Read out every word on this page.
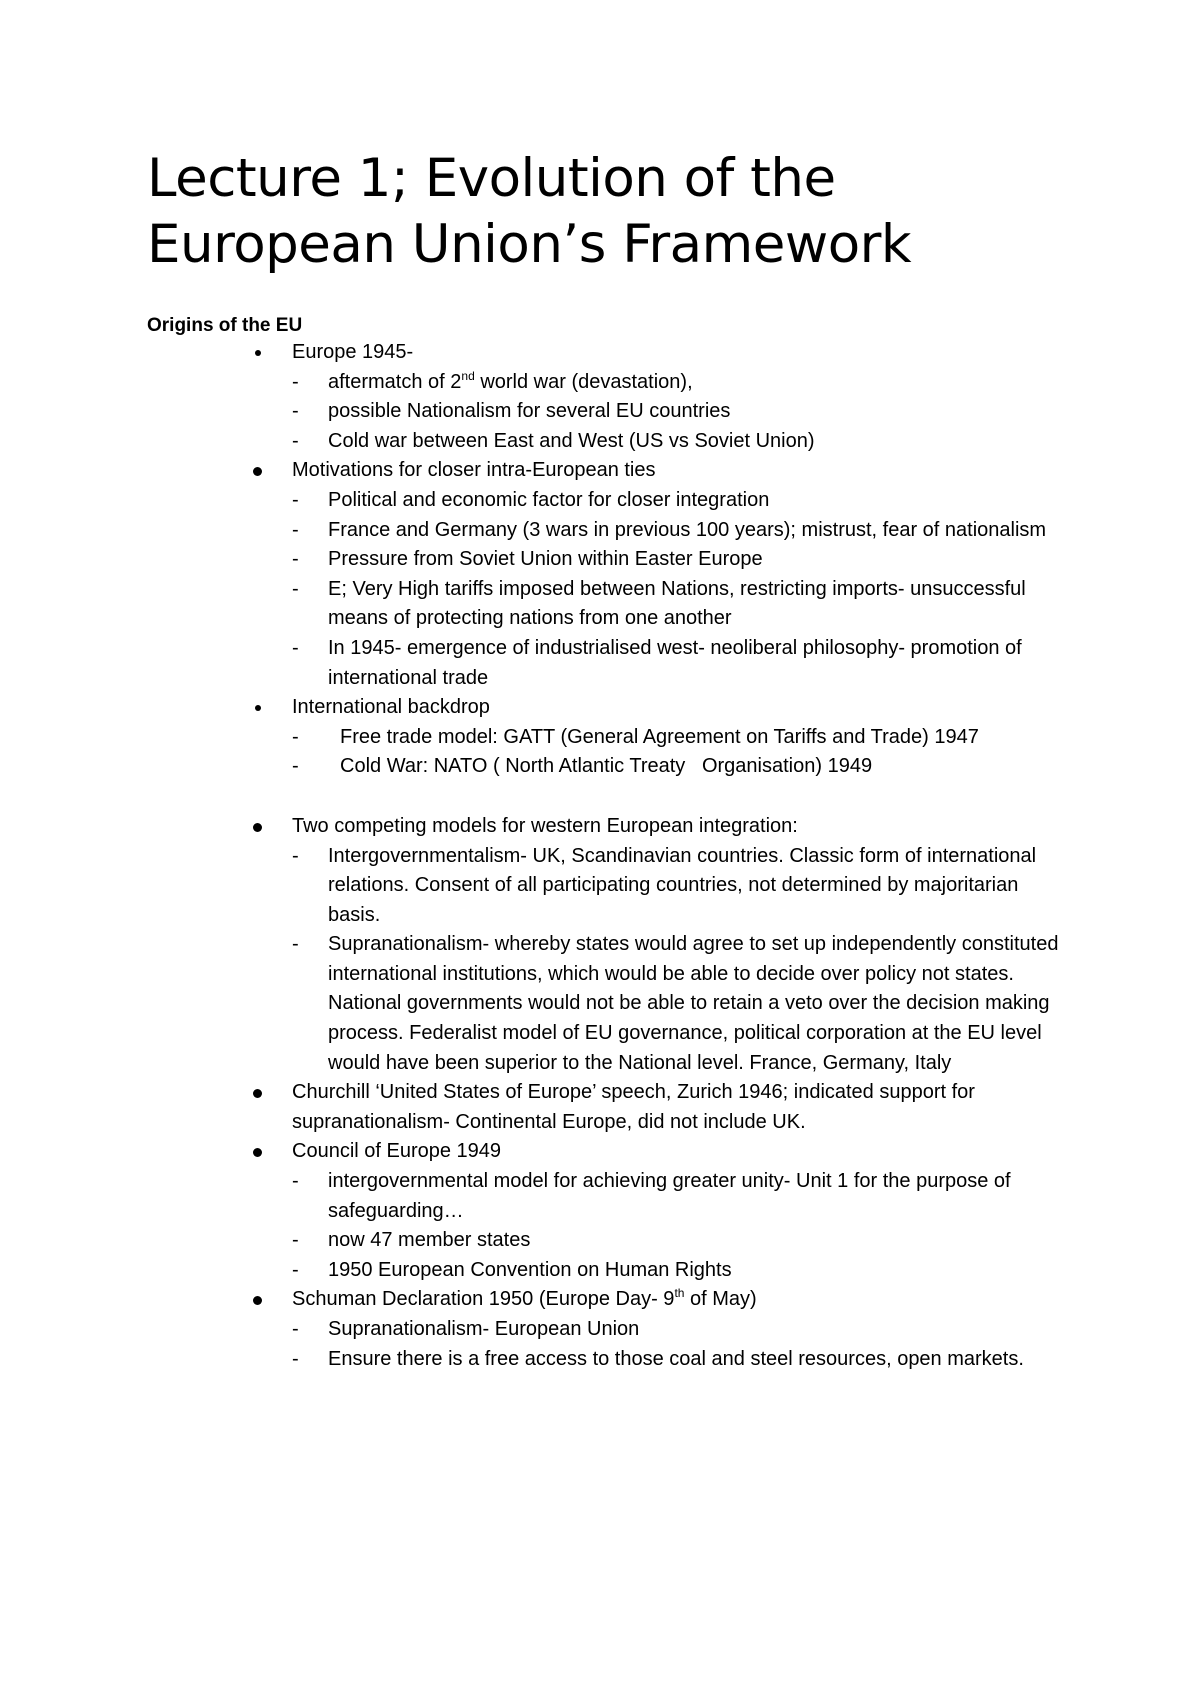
Lecture 1; Evolution of the
European Union’s Framework
Origins of the EU
Europe 1945-
- aftermatch of 2nd world war (devastation),
- possible Nationalism for several EU countries
- Cold war between East and West (US vs Soviet Union)
Motivations for closer intra-European ties
- Political and economic factor for closer integration
- France and Germany (3 wars in previous 100 years); mistrust, fear of nationalism
- Pressure from Soviet Union within Easter Europe
- E; Very High tariffs imposed between Nations, restricting imports- unsuccessful means of protecting nations from one another
- In 1945- emergence of industrialised west- neoliberal philosophy- promotion of international trade
International backdrop
- Free trade model: GATT (General Agreement on Tariffs and Trade) 1947
- Cold War: NATO ( North Atlantic Treaty   Organisation) 1949
Two competing models for western European integration:
- Intergovernmentalism- UK, Scandinavian countries. Classic form of international relations. Consent of all participating countries, not determined by majoritarian basis.
- Supranationalism- whereby states would agree to set up independently constituted international institutions, which would be able to decide over policy not states. National governments would not be able to retain a veto over the decision making process. Federalist model of EU governance, political corporation at the EU level would have been superior to the National level. France, Germany, Italy
Churchill ‘United States of Europe’ speech, Zurich 1946; indicated support for supranationalism- Continental Europe, did not include UK.
Council of Europe 1949
- intergovernmental model for achieving greater unity- Unit 1 for the purpose of safeguarding…
- now 47 member states
- 1950 European Convention on Human Rights
Schuman Declaration 1950 (Europe Day- 9th of May)
- Supranationalism- European Union
- Ensure there is a free access to those coal and steel resources, open markets.
